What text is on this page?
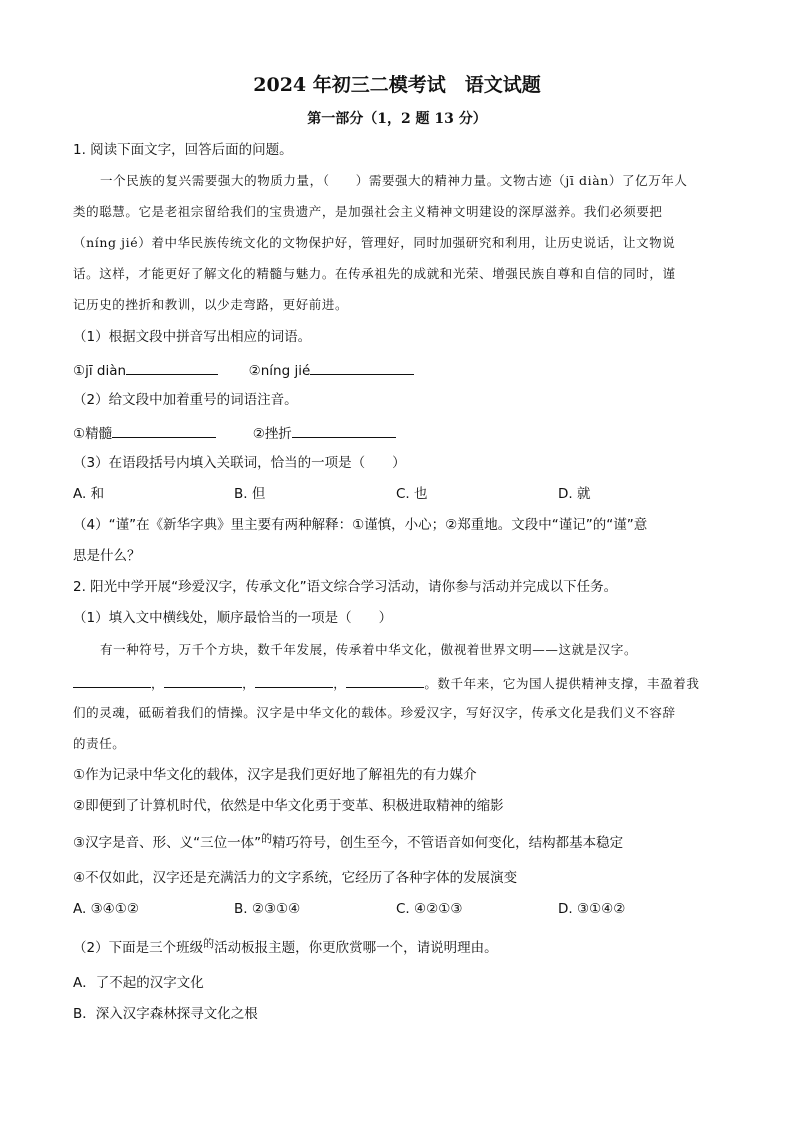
2024 年初三二模考试　语文试题
第一部分（1，2 题 13 分）
1. 阅读下面文字，回答后面的问题。
一个民族的复兴需要强大的物质力量，（　　）需要强大的精神力量。文物古迹（jī diàn）了亿万年人
类的聪慧。它是老祖宗留给我们的宝贵遗产，是加强社会主义精神文明建设的深厚滋养。我们必须要把
（níng jié）着中华民族传统文化的文物保护好，管理好，同时加强研究和利用，让历史说话，让文物说
话。这样，才能更好了解文化的精髓与魅力。在传承祖先的成就和光荣、增强民族自尊和自信的同时，谨
记历史的挫折和教训，以少走弯路，更好前进。
（1）根据文段中拼音写出相应的词语。
①jī diàn	②níng jié
（2）给文段中加着重号的词语注音。
①精髓	②挫折
（3）在语段括号内填入关联词，恰当的一项是（　　）
A. 和	B. 但	C. 也	D. 就
（4）“谨”在《新华字典》里主要有两种解释：①谨慎，小心；②郑重地。文段中“谨记”的“谨”意
思是什么？
2. 阳光中学开展“珍爱汉字，传承文化”语文综合学习活动，请你参与活动并完成以下任务。
（1）填入文中横线处，顺序最恰当的一项是（　　）
有一种符号，万千个方块，数千年发展，传承着中华文化，傲视着世界文明——这就是汉字。
，	，	，	。数千年来，它为国人提供精神支撑，丰盈着我
们的灵魂，砥砺着我们的情操。汉字是中华文化的载体。珍爱汉字，写好汉字，传承文化是我们义不容辞
的责任。
①作为记录中华文化的载体，汉字是我们更好地了解祖先的有力媒介
②即便到了计算机时代，依然是中华文化勇于变革、积极进取精神的缩影
③汉字是音、形、义“三位一体”$^的$精巧符号，创生至今，不管语音如何变化，结构都基本稳定
④不仅如此，汉字还是充满活力的文字系统，它经历了各种字体的发展演变
A. ③④①②	B. ②③①④	C. ④②①③	D. ③①④②
（2）下面是三个班级$^的$活动板报主题，你更欣赏哪一个，请说明理由。
A．了不起的汉字文化
B．深入汉字森林探寻文化之根
